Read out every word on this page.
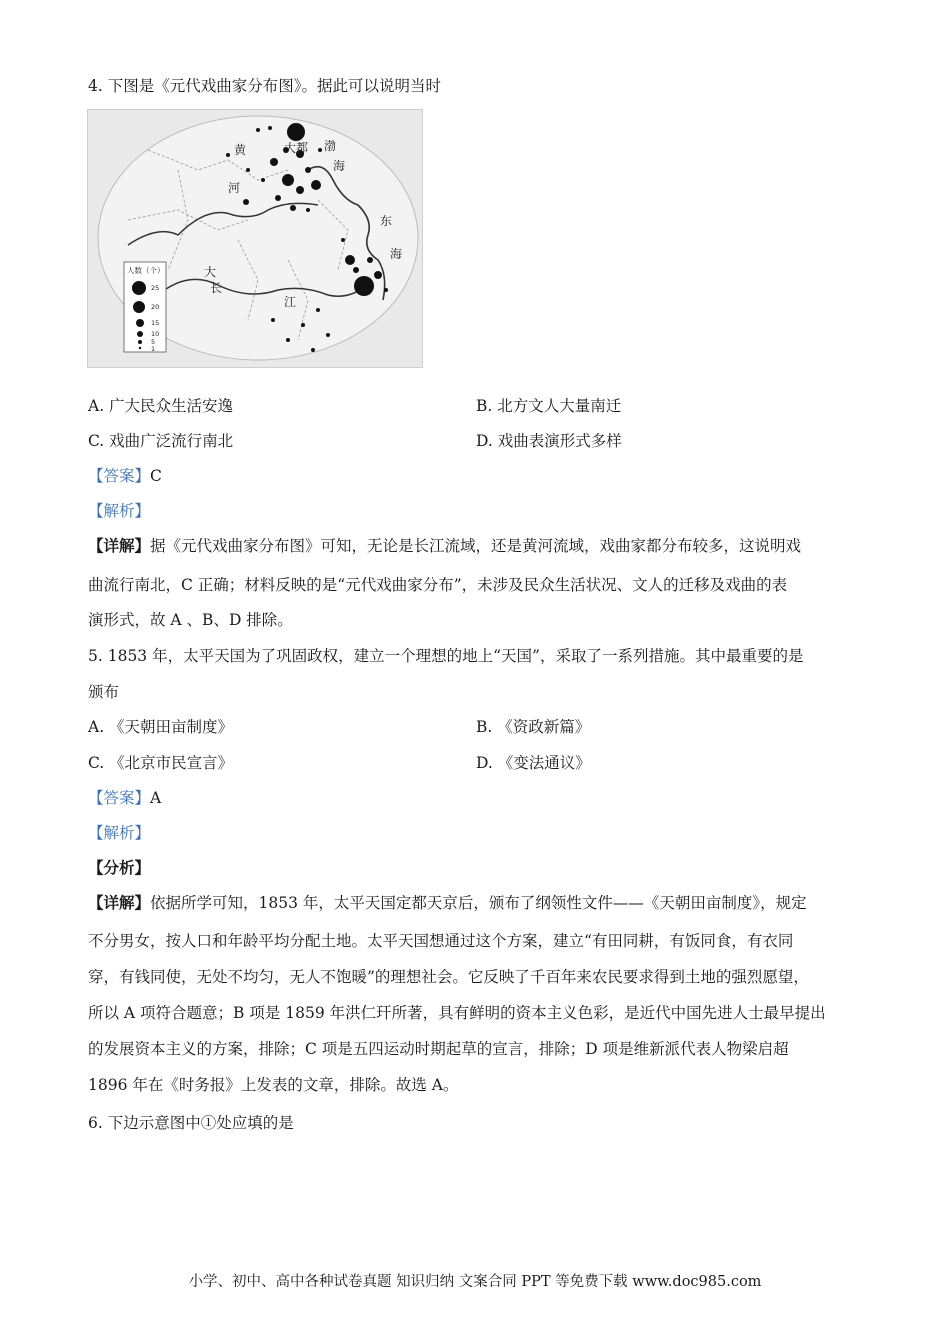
4. 下图是《元代戏曲家分布图》。据此可以说明当时
大都
黄
河
渤
海
东
海
大
长
江
人数（个）
25
20
15
10
5
1
A. 广大民众生活安逸	B. 北方文人大量南迁
C. 戏曲广泛流行南北	D. 戏曲表演形式多样
【答案】C
【解析】
【详解】据《元代戏曲家分布图》可知，无论是长江流域，还是黄河流域，戏曲家都分布较多，这说明戏
曲流行南北，C 正确；材料反映的是“元代戏曲家分布”，未涉及民众生活状况、文人的迁移及戏曲的表
演形式，故 A 、B、D 排除。
5. 1853 年，太平天国为了巩固政权，建立一个理想的地上“天国”，采取了一系列措施。其中最重要的是
颁布
A. 《天朝田亩制度》	B. 《资政新篇》
C. 《北京市民宣言》	D. 《变法通议》
【答案】A
【解析】
【分析】
【详解】依据所学可知，1853 年，太平天国定都天京后，颁布了纲领性文件——《天朝田亩制度》，规定
不分男女，按人口和年龄平均分配土地。太平天国想通过这个方案，建立“有田同耕，有饭同食，有衣同
穿，有钱同使，无处不均匀，无人不饱暖”的理想社会。它反映了千百年来农民要求得到土地的强烈愿望，
所以 A 项符合题意；B 项是 1859 年洪仁玕所著，具有鲜明的资本主义色彩，是近代中国先进人士最早提出
的发展资本主义的方案，排除；C 项是五四运动时期起草的宣言，排除；D 项是维新派代表人物梁启超
1896 年在《时务报》上发表的文章，排除。故选 A。
6. 下边示意图中①处应填的是
小学、初中、高中各种试卷真题 知识归纳 文案合同 PPT 等免费下载 www.doc985.com
